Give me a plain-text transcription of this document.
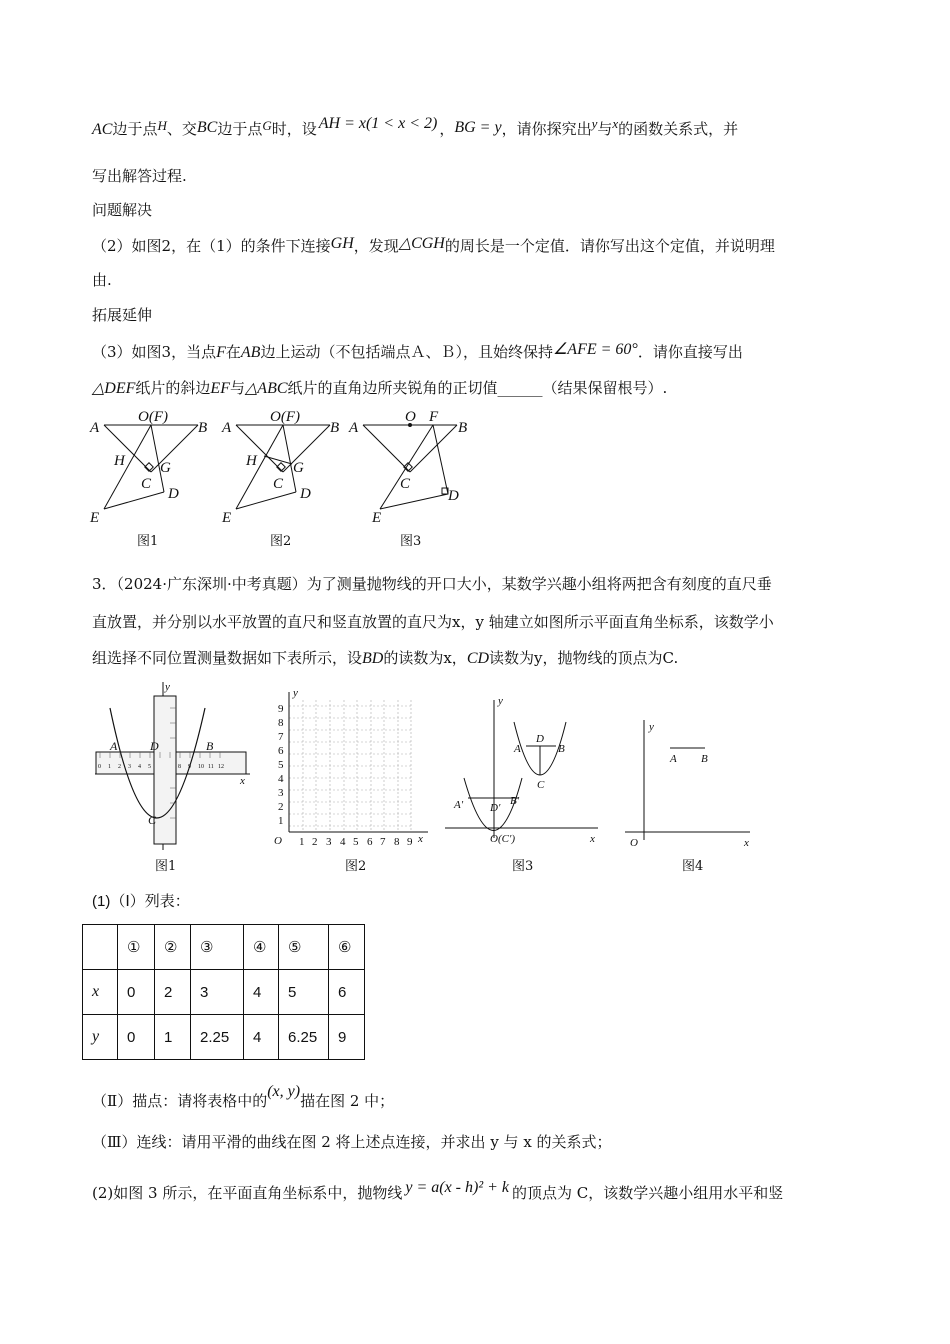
AC边于点H、交BC边于点G时，设 AH = x(1 < x < 2) ，BG = y，请你探究出y与x的函数关系式，并
写出解答过程.
问题解决
（2）如图2，在（1）的条件下连接GH，发现△CGH的周长是一个定值．请你写出这个定值，并说明理
由.
拓展延伸
（3）如图3，当点F在AB边上运动（不包括端点Ａ、Ｂ），且始终保持∠AFE = 60°．请你直接写出
△DEF纸片的斜边EF与△ABC纸片的直角边所夹锐角的正切值______（结果保留根号）.
A	B
O(F)
H G
C
D
E
A	B
O(F)
H G
C
D
E
A	B
O F
C
D
E
图1	图2	图3
3．（2024·广东深圳·中考真题）为了测量抛物线的开口大小，某数学兴趣小组将两把含有刻度的直尺垂
直放置，并分别以水平放置的直尺和竖直放置的直尺为x，y 轴建立如图所示平面直角坐标系，该数学小
组选择不同位置测量数据如下表所示，设BD的读数为x，CD读数为y，抛物线的顶点为C.
y
x
A	D	B
C
0 1 2 3 4 5	8 9 10 11 12
y
x
O 1 2 3 4 5 6 7 8 9
1
2
3
4
5
6
7
8
9
y
x
A′	B′
D′
O(C′)
A
D
B
C
y
x
O
A B
图1	图2	图3	图4
(1)（Ⅰ）列表：
	①	②	③	④	⑤	⑥
x	0	2	3	4	5	6
y	0	1	2.25	4	6.25	9
（Ⅱ）描点：请将表格中的(x, y)描在图 2 中；
（Ⅲ）连线：请用平滑的曲线在图 2 将上述点连接，并求出 y 与 x 的关系式；
(2)如图 3 所示，在平面直角坐标系中，抛物线 y = a(x - h)² + k 的顶点为 C，该数学兴趣小组用水平和竖
